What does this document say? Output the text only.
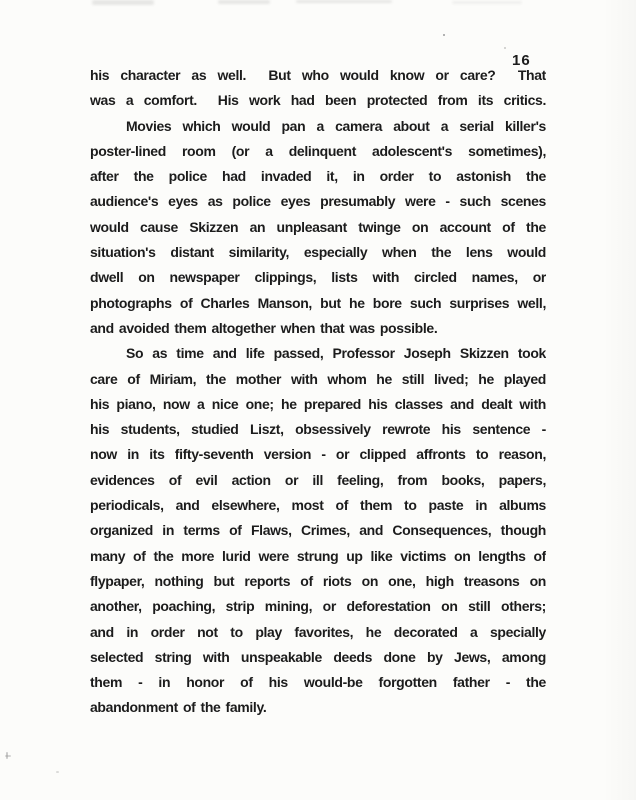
16
his character as well.  But who would know or care?  That
was a comfort.  His work had been protected from its critics.
Movies which would pan a camera about a serial killer's
poster-lined room (or a delinquent adolescent's sometimes),
after the police had invaded it, in order to astonish the
audience's eyes as police eyes presumably were - such scenes
would cause Skizzen an unpleasant twinge on account of the
situation's distant similarity, especially when the lens would
dwell on newspaper clippings, lists with circled names, or
photographs of Charles Manson, but he bore such surprises well,
and avoided them altogether when that was possible.
So as time and life passed, Professor Joseph Skizzen took
care of Miriam, the mother with whom he still lived; he played
his piano, now a nice one; he prepared his classes and dealt with
his students, studied Liszt, obsessively rewrote his sentence -
now in its fifty-seventh version - or clipped affronts to reason,
evidences of evil action or ill feeling, from books, papers,
periodicals, and elsewhere, most of them to paste in albums
organized in terms of Flaws, Crimes, and Consequences, though
many of the more lurid were strung up like victims on lengths of
flypaper, nothing but reports of riots on one, high treasons on
another, poaching, strip mining, or deforestation on still others;
and in order not to play favorites, he decorated a specially
selected string with unspeakable deeds done by Jews, among
them - in honor of his would-be forgotten father - the
abandonment of the family.
